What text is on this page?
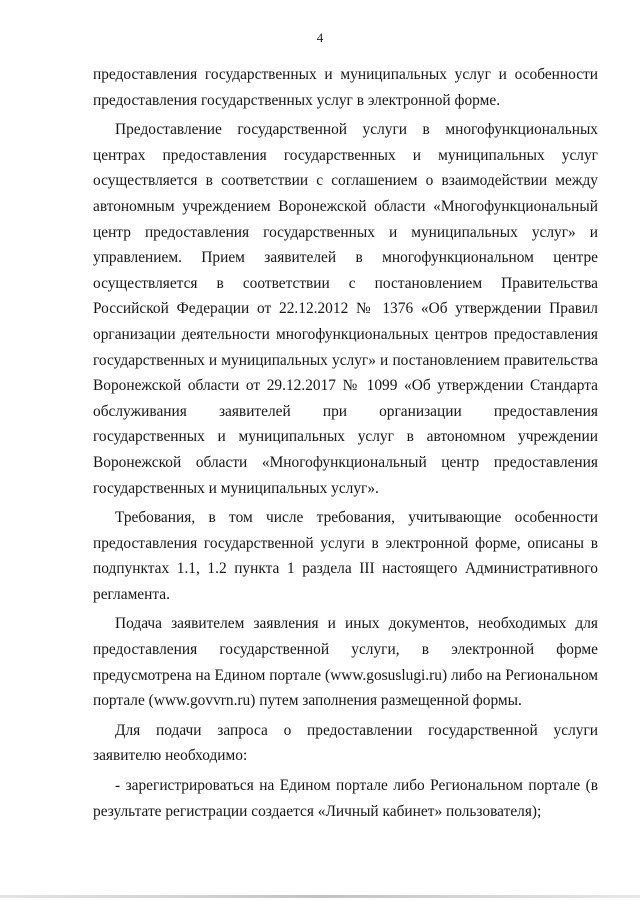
4

предоставления государственных и муниципальных услуг и особенности предоставления государственных услуг в электронной форме.

Предоставление государственной услуги в многофункциональных центрах предоставления государственных и муниципальных услуг осуществляется в соответствии с соглашением о взаимодействии между автономным учреждением Воронежской области «Многофункциональный центр предоставления государственных и муниципальных услуг» и управлением. Прием заявителей в многофункциональном центре осуществляется в соответствии с постановлением Правительства Российской Федерации от 22.12.2012 № 1376 «Об утверждении Правил организации деятельности многофункциональных центров предоставления государственных и муниципальных услуг» и постановлением правительства Воронежской области от 29.12.2017 № 1099 «Об утверждении Стандарта обслуживания заявителей при организации предоставления государственных и муниципальных услуг в автономном учреждении Воронежской области «Многофункциональный центр предоставления государственных и муниципальных услуг».

Требования, в том числе требования, учитывающие особенности предоставления государственной услуги в электронной форме, описаны в подпунктах 1.1, 1.2 пункта 1 раздела III настоящего Административного регламента.

Подача заявителем заявления и иных документов, необходимых для предоставления государственной услуги, в электронной форме предусмотрена на Едином портале (www.gosuslugi.ru) либо на Региональном портале (www.govvrn.ru) путем заполнения размещенной формы.

Для подачи запроса о предоставлении государственной услуги заявителю необходимо:

- зарегистрироваться на Едином портале либо Региональном портале (в результате регистрации создается «Личный кабинет» пользователя);
